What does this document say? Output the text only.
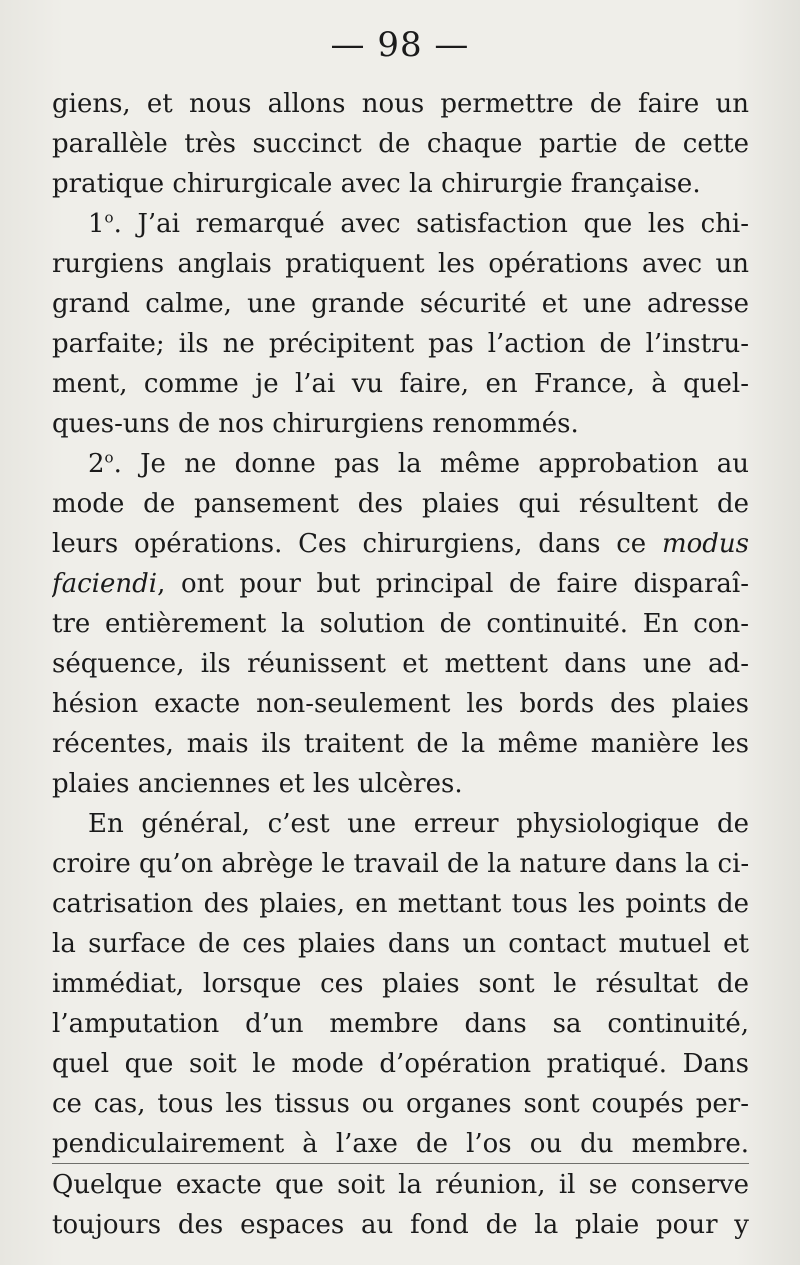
— 98 —
giens, et nous allons nous permettre de faire un
parallèle très succinct de chaque partie de cette
pratique chirurgicale avec la chirurgie française.
1$^o$. J’ai remarqué avec satisfaction que les chi-
rurgiens anglais pratiquent les opérations avec un
grand calme, une grande sécurité et une adresse
parfaite; ils ne précipitent pas l’action de l’instru-
ment, comme je l’ai vu faire, en France, à quel-
ques-uns de nos chirurgiens renommés.
2$^o$. Je ne donne pas la même approbation au
mode de pansement des plaies qui résultent de
leurs opérations. Ces chirurgiens, dans ce modus
faciendi, ont pour but principal de faire disparaî-
tre entièrement la solution de continuité. En con-
séquence, ils réunissent et mettent dans une ad-
hésion exacte non-seulement les bords des plaies
récentes, mais ils traitent de la même manière les
plaies anciennes et les ulcères.
En général, c’est une erreur physiologique de
croire qu’on abrège le travail de la nature dans la ci-
catrisation des plaies, en mettant tous les points de
la surface de ces plaies dans un contact mutuel et
immédiat, lorsque ces plaies sont le résultat de
l’amputation d’un membre dans sa continuité,
quel que soit le mode d’opération pratiqué. Dans
ce cas, tous les tissus ou organes sont coupés per-
pendiculairement à l’axe de l’os ou du membre.
Quelque exacte que soit la réunion, il se conserve
toujours des espaces au fond de la plaie pour y
